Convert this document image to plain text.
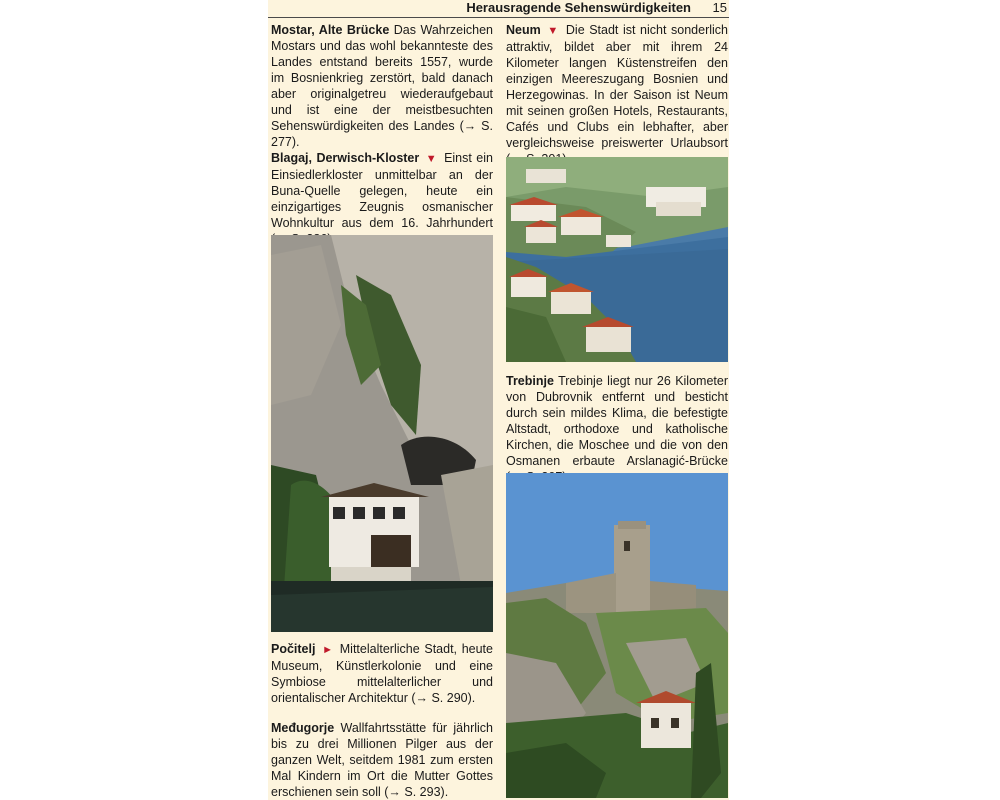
Herausragende Sehenswürdigkeiten 15
Mostar, Alte Brücke Das Wahrzeichen Mostars und das wohl bekannteste des Landes entstand bereits 1557, wurde im Bosnienkrieg zerstört, bald danach aber originalgetreu wiederaufgebaut und ist eine der meistbesuchten Sehenswürdigkeiten des Landes (→ S. 277).
Blagaj, Derwisch-Kloster ▼ Einst ein Einsiedlerkloster unmittelbar an der Buna-Quelle gelegen, heute ein einzigartiges Zeugnis osmanischer Wohnkultur aus dem 16. Jahrhundert
Počitelj ► Mittelalterliche Stadt, heute Museum, Künstlerkolonie und eine Symbiose mittelalterlicher und orientalischer Architektur (→ S. 290).
Međugorje Wallfahrtsstätte für jährlich bis zu drei Millionen Pilger aus der ganzen Welt, seitdem 1981 zum ersten Mal Kindern im Ort die Mutter Gottes erschienen sein soll (→ S. 293).
Neum ▼ Die Stadt ist nicht sonderlich attraktiv, bildet aber mit ihrem 24 Kilometer langen Küstenstreifen den einzigen Meereszugang Bosnien und Herzegowinas. In der Saison ist Neum mit seinen großen Hotels, Restaurants, Cafés und Clubs ein lebhafter, aber vergleichsweise preiswerter Urlaubsort
Trebinje Trebinje liegt nur 26 Kilometer von Dubrovnik entfernt und besticht durch sein mildes Klima, die befestigte Altstadt, orthodoxe und katholische Kirchen, die Moschee und die von den Osmanen erbaute Arslanagić-Brücke
